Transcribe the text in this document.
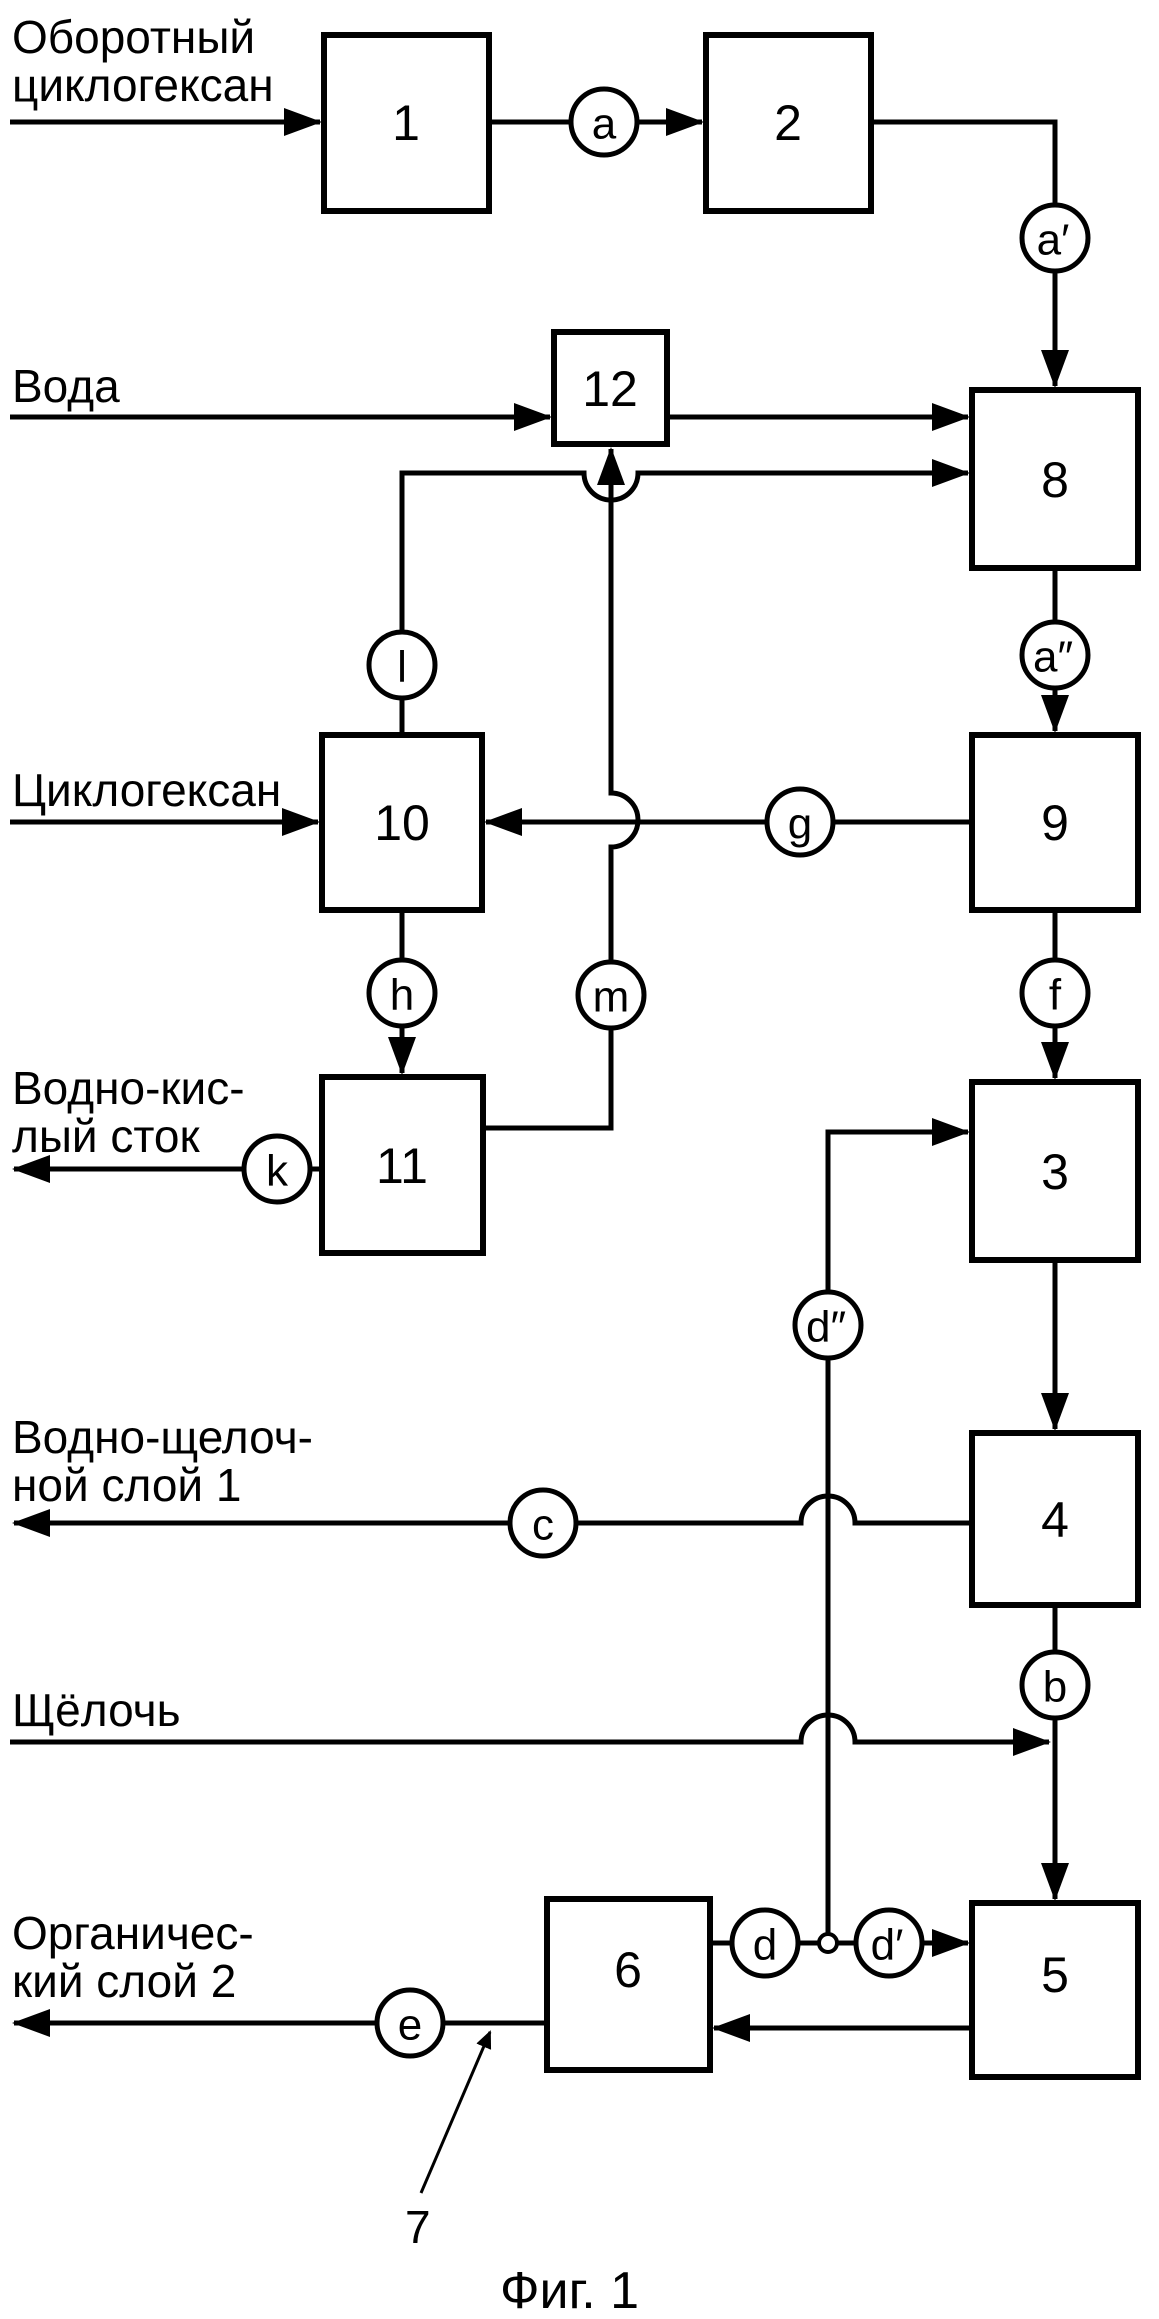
1	2
12
8
10	9
11	3
4
6	5
a
a′
a″
l
g
h	m	f
k
d″
c
b
d d′
e
Оборотный
циклогексан
Вода
Циклогексан
Водно-кис-
лый сток
Водно-щелоч-
ной слой 1
Щёлочь
Органичес-
кий слой 2
7
Фиг. 1
